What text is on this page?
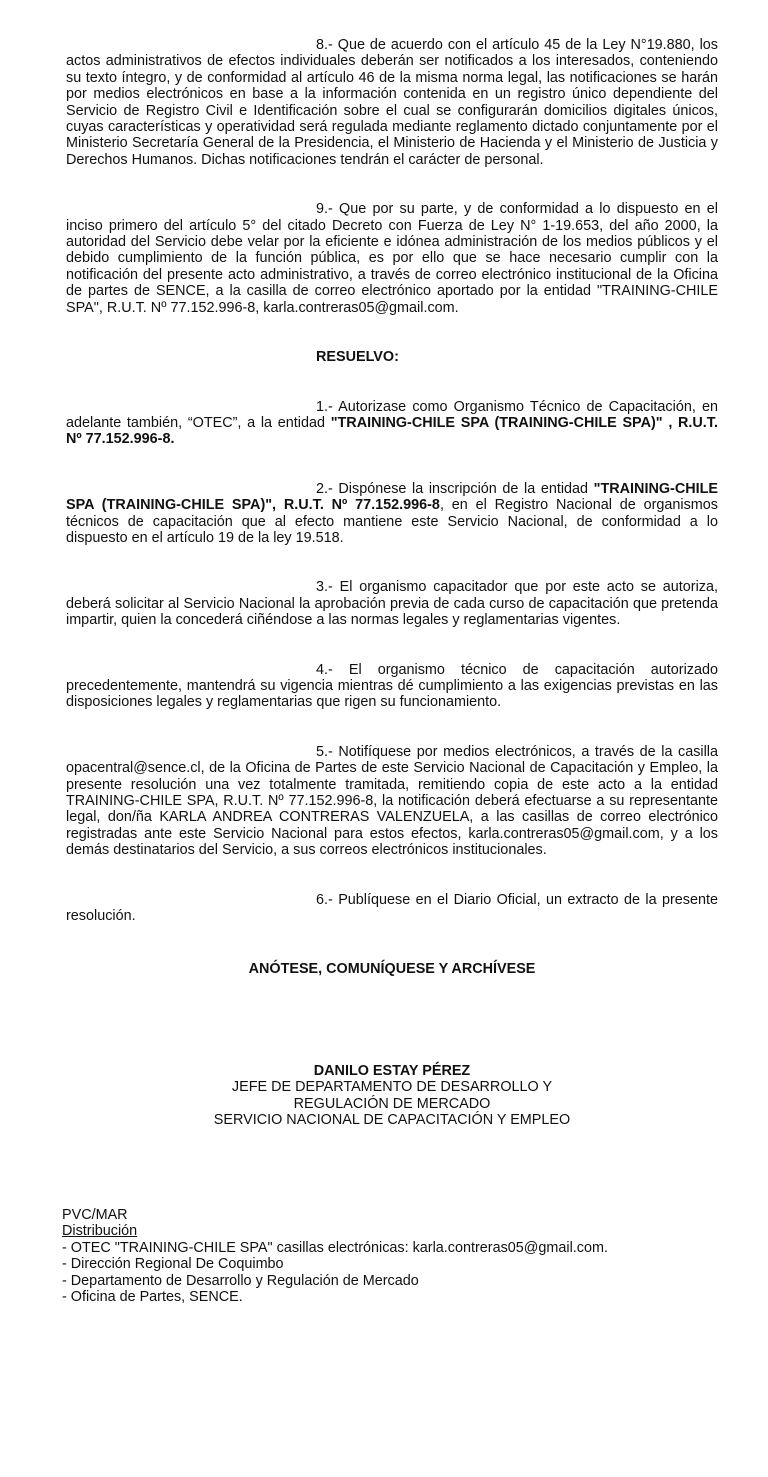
8.- Que de acuerdo con el artículo 45 de la Ley N°19.880, los actos administrativos de efectos individuales deberán ser notificados a los interesados, conteniendo su texto íntegro, y de conformidad al artículo 46 de la misma norma legal, las notificaciones se harán por medios electrónicos en base a la información contenida en un registro único dependiente del Servicio de Registro Civil e Identificación sobre el cual se configurarán domicilios digitales únicos, cuyas características y operatividad será regulada mediante reglamento dictado conjuntamente por el Ministerio Secretaría General de la Presidencia, el Ministerio de Hacienda y el Ministerio de Justicia y Derechos Humanos. Dichas notificaciones tendrán el carácter de personal.

9.- Que por su parte, y de conformidad a lo dispuesto en el inciso primero del artículo 5° del citado Decreto con Fuerza de Ley N° 1-19.653, del año 2000, la autoridad del Servicio debe velar por la eficiente e idónea administración de los medios públicos y el debido cumplimiento de la función pública, es por ello que se hace necesario cumplir con la notificación del presente acto administrativo, a través de correo electrónico institucional de la Oficina de partes de SENCE, a la casilla de correo electrónico aportado por la entidad "TRAINING-CHILE SPA", R.U.T. Nº 77.152.996-8, karla.contreras05@gmail.com.

RESUELVO:

1.- Autorizase como Organismo Técnico de Capacitación, en adelante también, “OTEC”, a la entidad "TRAINING-CHILE SPA (TRAINING-CHILE SPA)" , R.U.T. Nº 77.152.996-8.

2.- Dispónese la inscripción de la entidad "TRAINING-CHILE SPA (TRAINING-CHILE SPA)", R.U.T. Nº 77.152.996-8, en el Registro Nacional de organismos técnicos de capacitación que al efecto mantiene este Servicio Nacional, de conformidad a lo dispuesto en el artículo 19 de la ley 19.518.

3.- El organismo capacitador que por este acto se autoriza, deberá solicitar al Servicio Nacional la aprobación previa de cada curso de capacitación que pretenda impartir, quien la concederá ciñéndose a las normas legales y reglamentarias vigentes.

4.- El organismo técnico de capacitación autorizado precedentemente, mantendrá su vigencia mientras dé cumplimiento a las exigencias previstas en las disposiciones legales y reglamentarias que rigen su funcionamiento.

5.- Notifíquese por medios electrónicos, a través de la casilla opacentral@sence.cl, de la Oficina de Partes de este Servicio Nacional de Capacitación y Empleo, la presente resolución una vez totalmente tramitada, remitiendo copia de este acto a la entidad TRAINING-CHILE SPA, R.U.T. Nº 77.152.996-8, la notificación deberá efectuarse a su representante legal, don/ña KARLA ANDREA CONTRERAS VALENZUELA, a las casillas de correo electrónico registradas ante este Servicio Nacional para estos efectos, karla.contreras05@gmail.com, y a los demás destinatarios del Servicio, a sus correos electrónicos institucionales.

6.- Publíquese en el Diario Oficial, un extracto de la presente resolución.

ANÓTESE, COMUNÍQUESE Y ARCHÍVESE

DANILO ESTAY PÉREZ

JEFE DE DEPARTAMENTO DE DESARROLLO Y

REGULACIÓN DE MERCADO

SERVICIO NACIONAL DE CAPACITACIÓN Y EMPLEO

PVC/MAR

Distribución

- OTEC "TRAINING-CHILE SPA" casillas electrónicas: karla.contreras05@gmail.com.

- Dirección Regional De Coquimbo

- Departamento de Desarrollo y Regulación de Mercado

- Oficina de Partes, SENCE.
